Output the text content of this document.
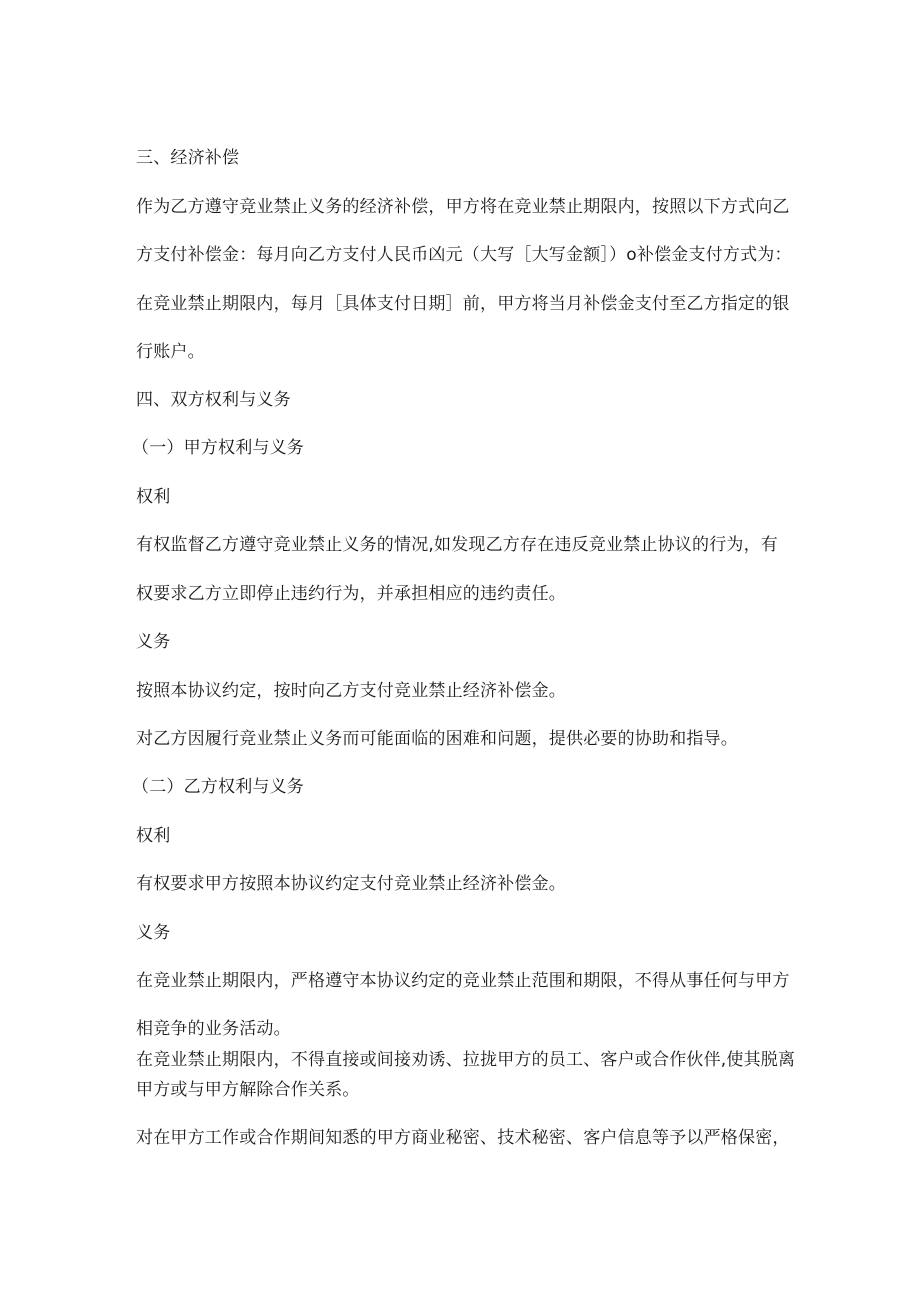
三、经济补偿
作为乙方遵守竞业禁止义务的经济补偿，甲方将在竞业禁止期限内，按照以下方式向乙
方支付补偿金：每月向乙方支付人民币凶元（大写［大写金额］）o补偿金支付方式为：
在竞业禁止期限内，每月［具体支付日期］前，甲方将当月补偿金支付至乙方指定的银
行账户。
四、双方权利与义务
（一）甲方权利与义务
权利
有权监督乙方遵守竞业禁止义务的情况,如发现乙方存在违反竞业禁止协议的行为，有
权要求乙方立即停止违约行为，并承担相应的违约责任。
义务
按照本协议约定，按时向乙方支付竞业禁止经济补偿金。
对乙方因履行竞业禁止义务而可能面临的困难和问题，提供必要的协助和指导。
（二）乙方权利与义务
权利
有权要求甲方按照本协议约定支付竞业禁止经济补偿金。
义务
在竞业禁止期限内，严格遵守本协议约定的竞业禁止范围和期限，不得从事任何与甲方
相竞争的业务活动。
在竞业禁止期限内，不得直接或间接劝诱、拉拢甲方的员工、客户或合作伙伴,使其脱离
甲方或与甲方解除合作关系。
对在甲方工作或合作期间知悉的甲方商业秘密、技术秘密、客户信息等予以严格保密，
